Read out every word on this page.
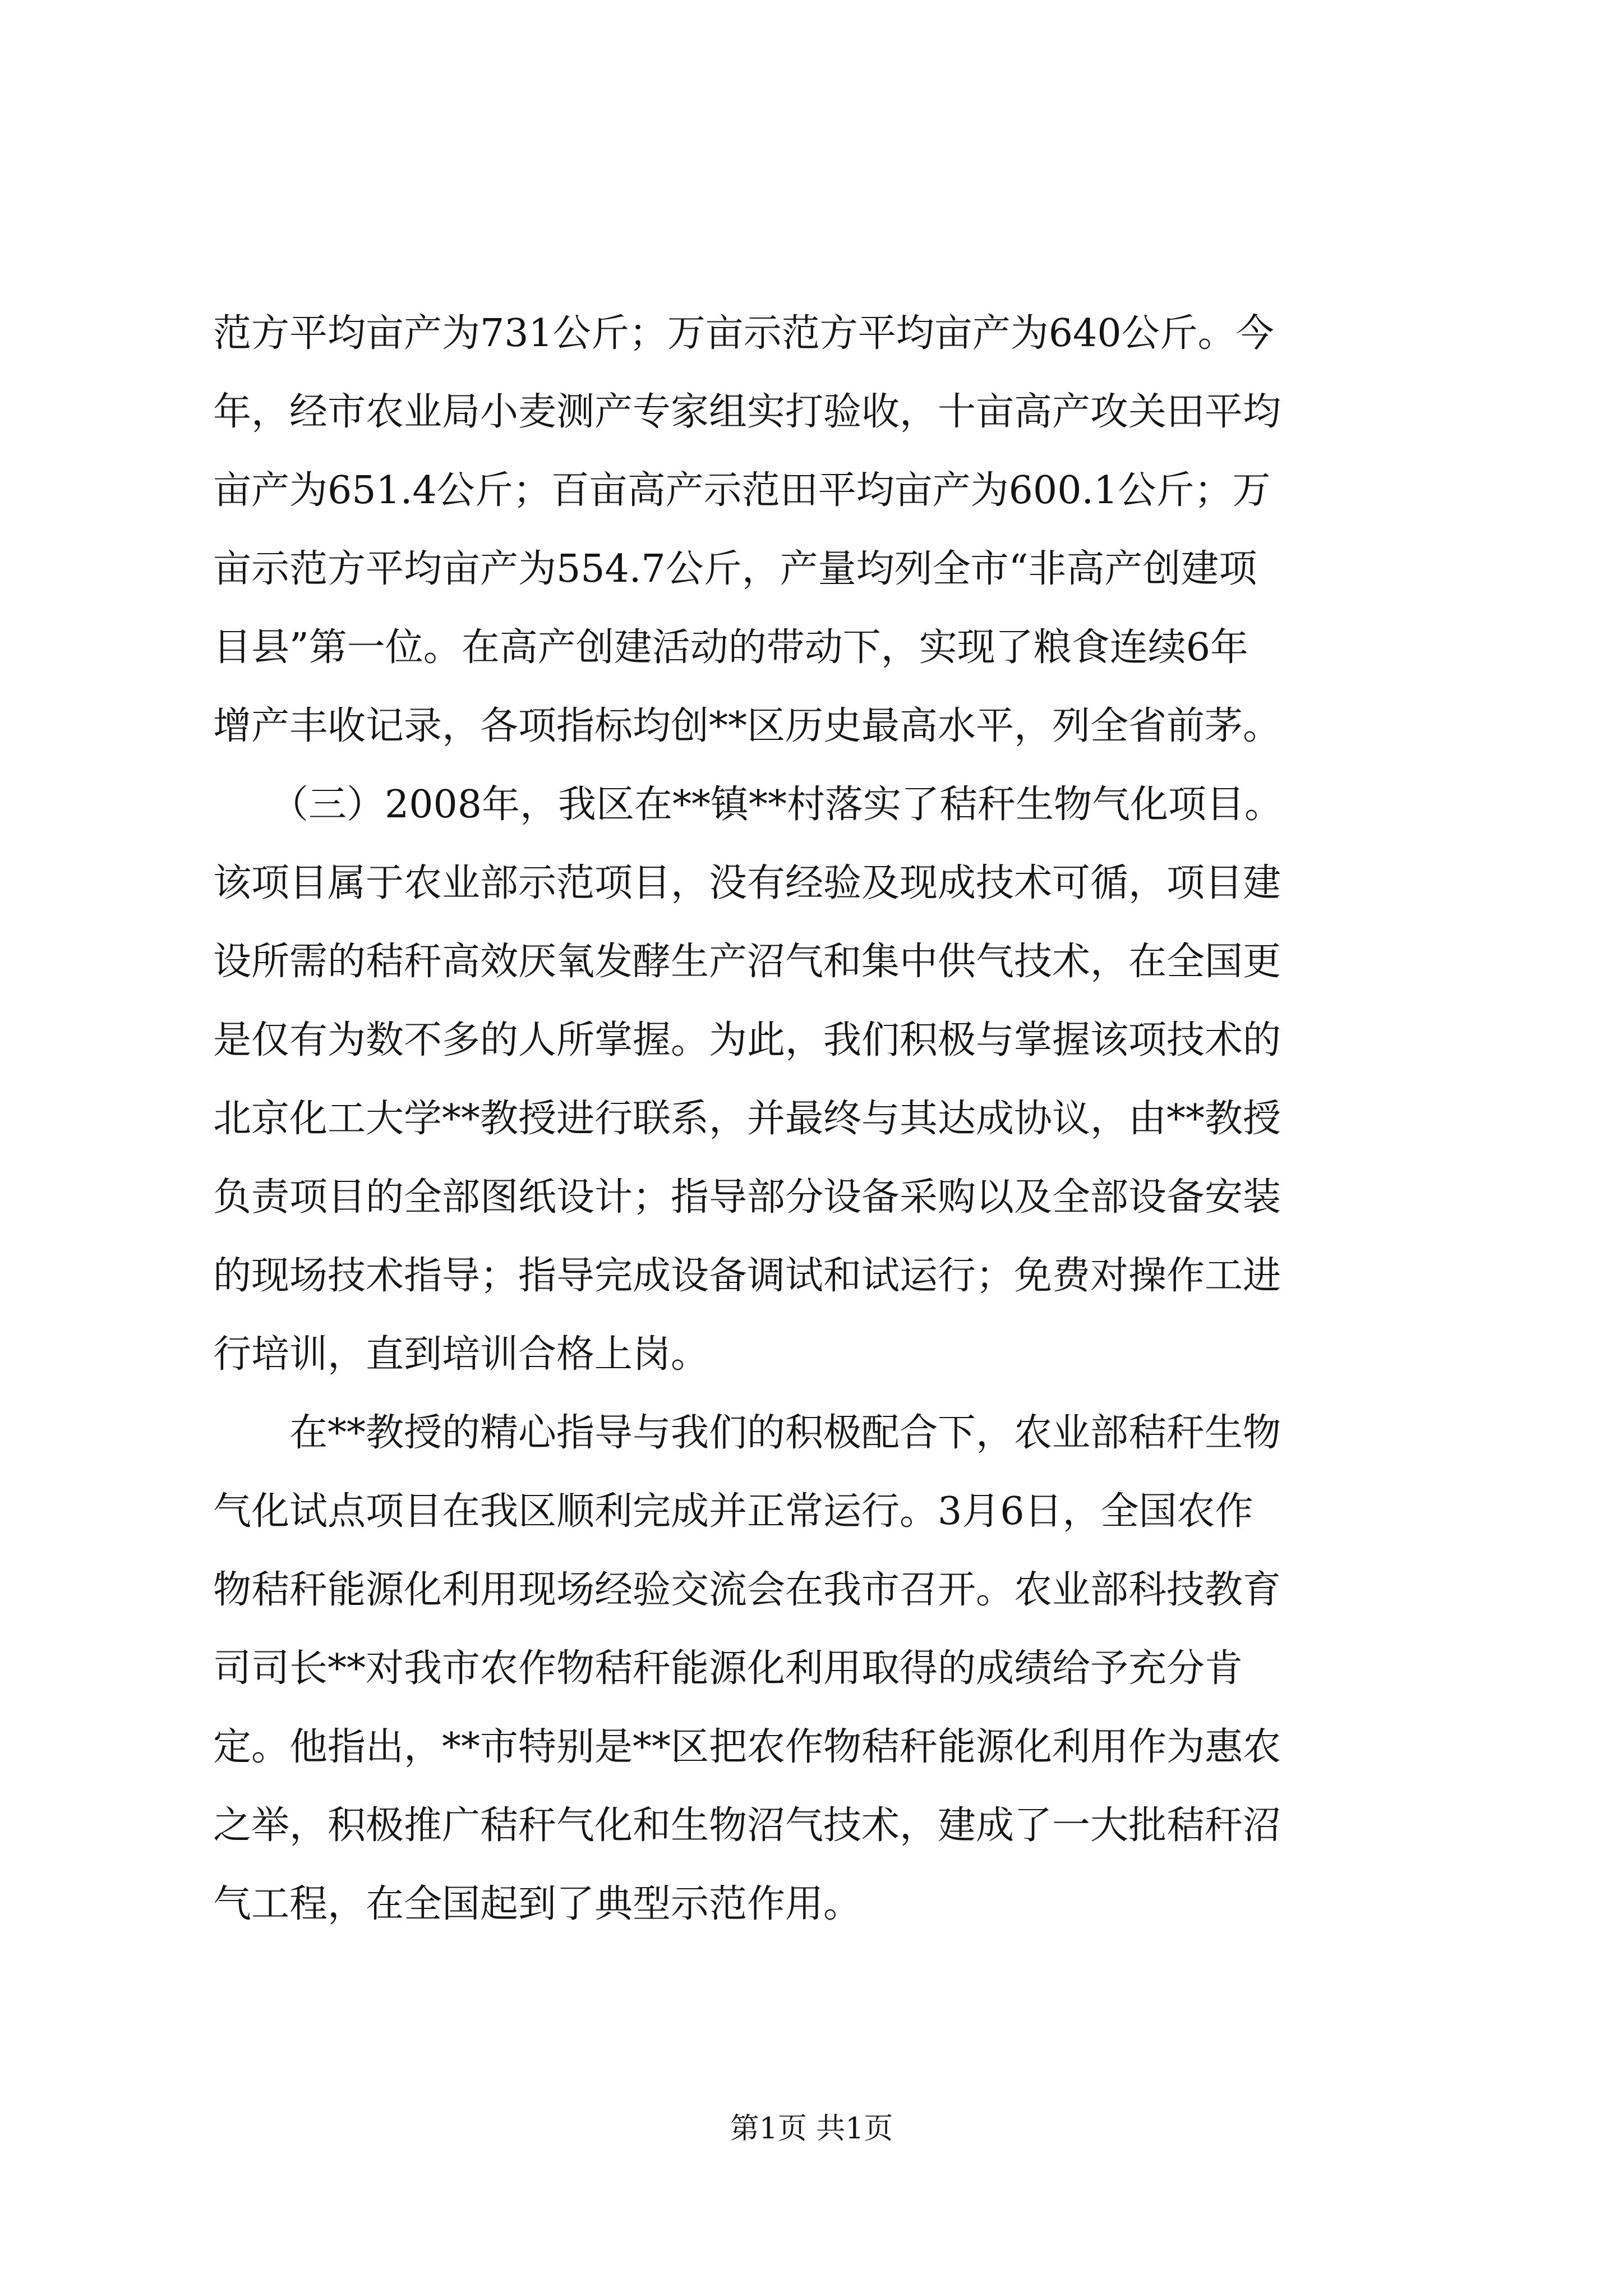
范方平均亩产为731公斤；万亩示范方平均亩产为640公斤。今
年，经市农业局小麦测产专家组实打验收，十亩高产攻关田平均
亩产为651.4公斤；百亩高产示范田平均亩产为600.1公斤；万
亩示范方平均亩产为554.7公斤，产量均列全市“非高产创建项
目县”第一位。在高产创建活动的带动下，实现了粮食连续6年
增产丰收记录，各项指标均创**区历史最高水平，列全省前茅。
　　（三）2008年，我区在**镇**村落实了秸秆生物气化项目。
该项目属于农业部示范项目，没有经验及现成技术可循，项目建
设所需的秸秆高效厌氧发酵生产沼气和集中供气技术，在全国更
是仅有为数不多的人所掌握。为此，我们积极与掌握该项技术的
北京化工大学**教授进行联系，并最终与其达成协议，由**教授
负责项目的全部图纸设计；指导部分设备采购以及全部设备安装
的现场技术指导；指导完成设备调试和试运行；免费对操作工进
行培训，直到培训合格上岗。
　　在**教授的精心指导与我们的积极配合下，农业部秸秆生物
气化试点项目在我区顺利完成并正常运行。3月6日，全国农作
物秸秆能源化利用现场经验交流会在我市召开。农业部科技教育
司司长**对我市农作物秸秆能源化利用取得的成绩给予充分肯
定。他指出，**市特别是**区把农作物秸秆能源化利用作为惠农
之举，积极推广秸秆气化和生物沼气技术，建成了一大批秸秆沼
气工程，在全国起到了典型示范作用。
第1页 共1页
